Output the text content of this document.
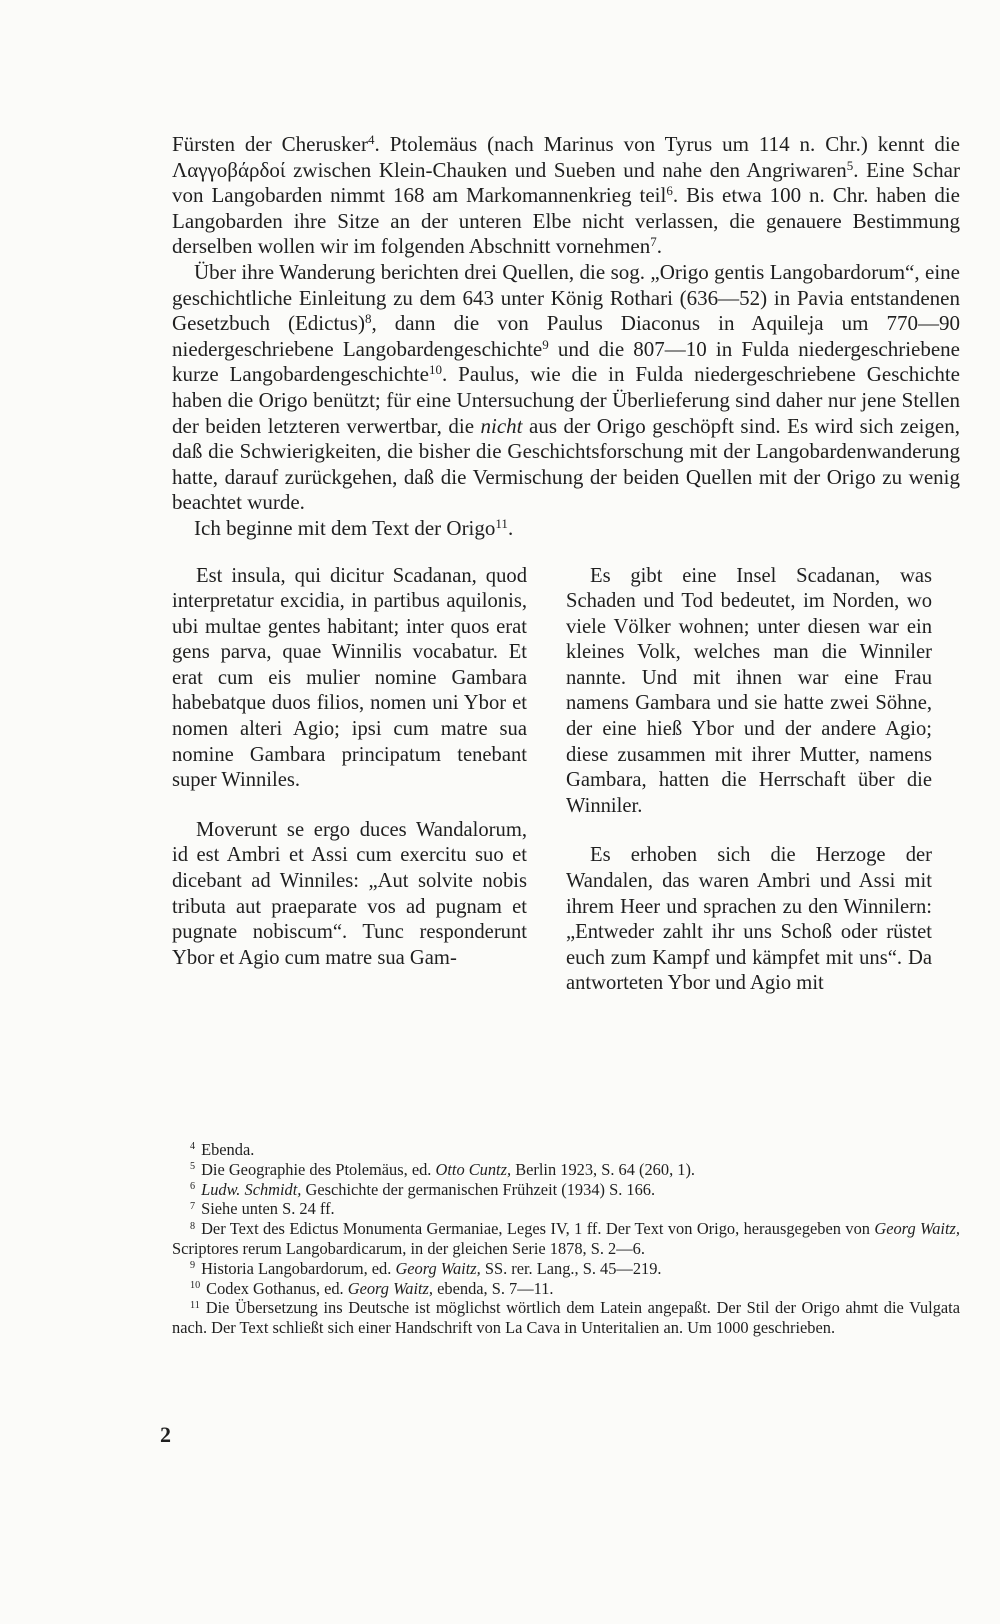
Fürsten der Cherusker$^4$. Ptolemäus (nach Marinus von Tyrus um 114 n. Chr.) kennt die Λαγγοβάρδοί zwischen Klein-Chauken und Sueben und nahe den Angriwaren$^5$. Eine Schar von Langobarden nimmt 168 am Markomannenkrieg teil$^6$. Bis etwa 100 n. Chr. haben die Langobarden ihre Sitze an der unteren Elbe nicht verlassen, die genauere Bestimmung derselben wollen wir im folgenden Abschnitt vornehmen$^7$.

Über ihre Wanderung berichten drei Quellen, die sog. „Origo gentis Langobardorum“, eine geschichtliche Einleitung zu dem 643 unter König Rothari (636—52) in Pavia entstandenen Gesetzbuch (Edictus)$^8$, dann die von Paulus Diaconus in Aquileja um 770—90 niedergeschriebene Langobardengeschichte$^9$ und die 807—10 in Fulda niedergeschriebene kurze Langobardengeschichte$^{10}$. Paulus, wie die in Fulda niedergeschriebene Geschichte haben die Origo benützt; für eine Untersuchung der Überlieferung sind daher nur jene Stellen der beiden letzteren verwertbar, die nicht aus der Origo geschöpft sind. Es wird sich zeigen, daß die Schwierigkeiten, die bisher die Geschichtsforschung mit der Langobardenwanderung hatte, darauf zurückgehen, daß die Vermischung der beiden Quellen mit der Origo zu wenig beachtet wurde.

Ich beginne mit dem Text der Origo$^{11}$.

Est insula, qui dicitur Scadanan, quod interpretatur excidia, in partibus aquilonis, ubi multae gentes habitant; inter quos erat gens parva, quae Winnilis vocabatur. Et erat cum eis mulier nomine Gambara habebatque duos filios, nomen uni Ybor et nomen alteri Agio; ipsi cum matre sua nomine Gambara principatum tenebant super Winniles.

Moverunt se ergo duces Wandalorum, id est Ambri et Assi cum exercitu suo et dicebant ad Winniles: „Aut solvite nobis tributa aut praeparate vos ad pugnam et pugnate nobiscum“. Tunc responderunt Ybor et Agio cum matre sua Gam-

Es gibt eine Insel Scadanan, was Schaden und Tod bedeutet, im Norden, wo viele Völker wohnen; unter diesen war ein kleines Volk, welches man die Winniler nannte. Und mit ihnen war eine Frau namens Gambara und sie hatte zwei Söhne, der eine hieß Ybor und der andere Agio; diese zusammen mit ihrer Mutter, namens Gambara, hatten die Herrschaft über die Winniler.

Es erhoben sich die Herzoge der Wandalen, das waren Ambri und Assi mit ihrem Heer und sprachen zu den Winnilern: „Entweder zahlt ihr uns Schoß oder rüstet euch zum Kampf und kämpfet mit uns“. Da antworteten Ybor und Agio mit

$^4$ Ebenda.

$^5$ Die Geographie des Ptolemäus, ed. Otto Cuntz, Berlin 1923, S. 64 (260, 1).

$^6$ Ludw. Schmidt, Geschichte der germanischen Frühzeit (1934) S. 166.

$^7$ Siehe unten S. 24 ff.

$^8$ Der Text des Edictus Monumenta Germaniae, Leges IV, 1 ff. Der Text von Origo, herausgegeben von Georg Waitz, Scriptores rerum Langobardicarum, in der gleichen Serie 1878, S. 2—6.

$^9$ Historia Langobardorum, ed. Georg Waitz, SS. rer. Lang., S. 45—219.

$^{10}$ Codex Gothanus, ed. Georg Waitz, ebenda, S. 7—11.

$^{11}$ Die Übersetzung ins Deutsche ist möglichst wörtlich dem Latein angepaßt. Der Stil der Origo ahmt die Vulgata nach. Der Text schließt sich einer Handschrift von La Cava in Unteritalien an. Um 1000 geschrieben.

2
